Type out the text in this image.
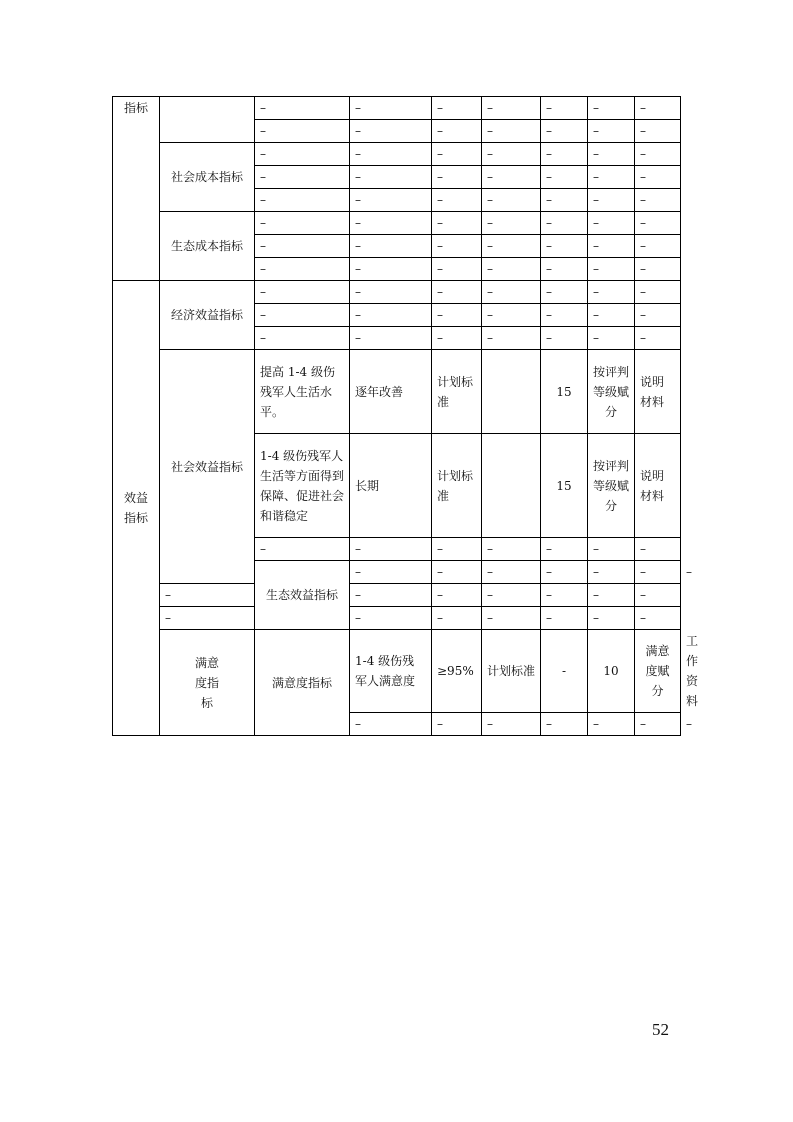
指标		–	–	–	–	–	–	–	
		–	–	–	–	–	–	–	
	社会成本指标	–	–	–	–	–	–	–	
		–	–	–	–	–	–	–	
		–	–	–	–	–	–	–	
	生态成本指标	–	–	–	–	–	–	–	
		–	–	–	–	–	–	–	
		–	–	–	–	–	–	–	

效益指标	经济效益指标	–	–	–	–	–	–	–	
		–	–	–	–	–	–	–	
		–	–	–	–	–	–	–	
	社会效益指标	提高 1-4 级伤残军人生活水平。	逐年改善	计划标准		15	按评判等级赋分	说明材料	
		1-4 级伤残军人生活等方面得到保障、促进社会和谐稳定	长期	计划标准		15	按评判等级赋分	说明材料	
		–	–	–	–	–	–	–	
		生态效益指标	–	–	–	–	–	–	–
	–		–	–	–	–	–	–	
	–		–	–	–	–	–	–	

	满意度指标	满意度指标	1-4 级伤残军人满意度	≥95%	计划标准	-	10	满意度赋分	工作资料
			–	–	–	–	–	–	–
52
